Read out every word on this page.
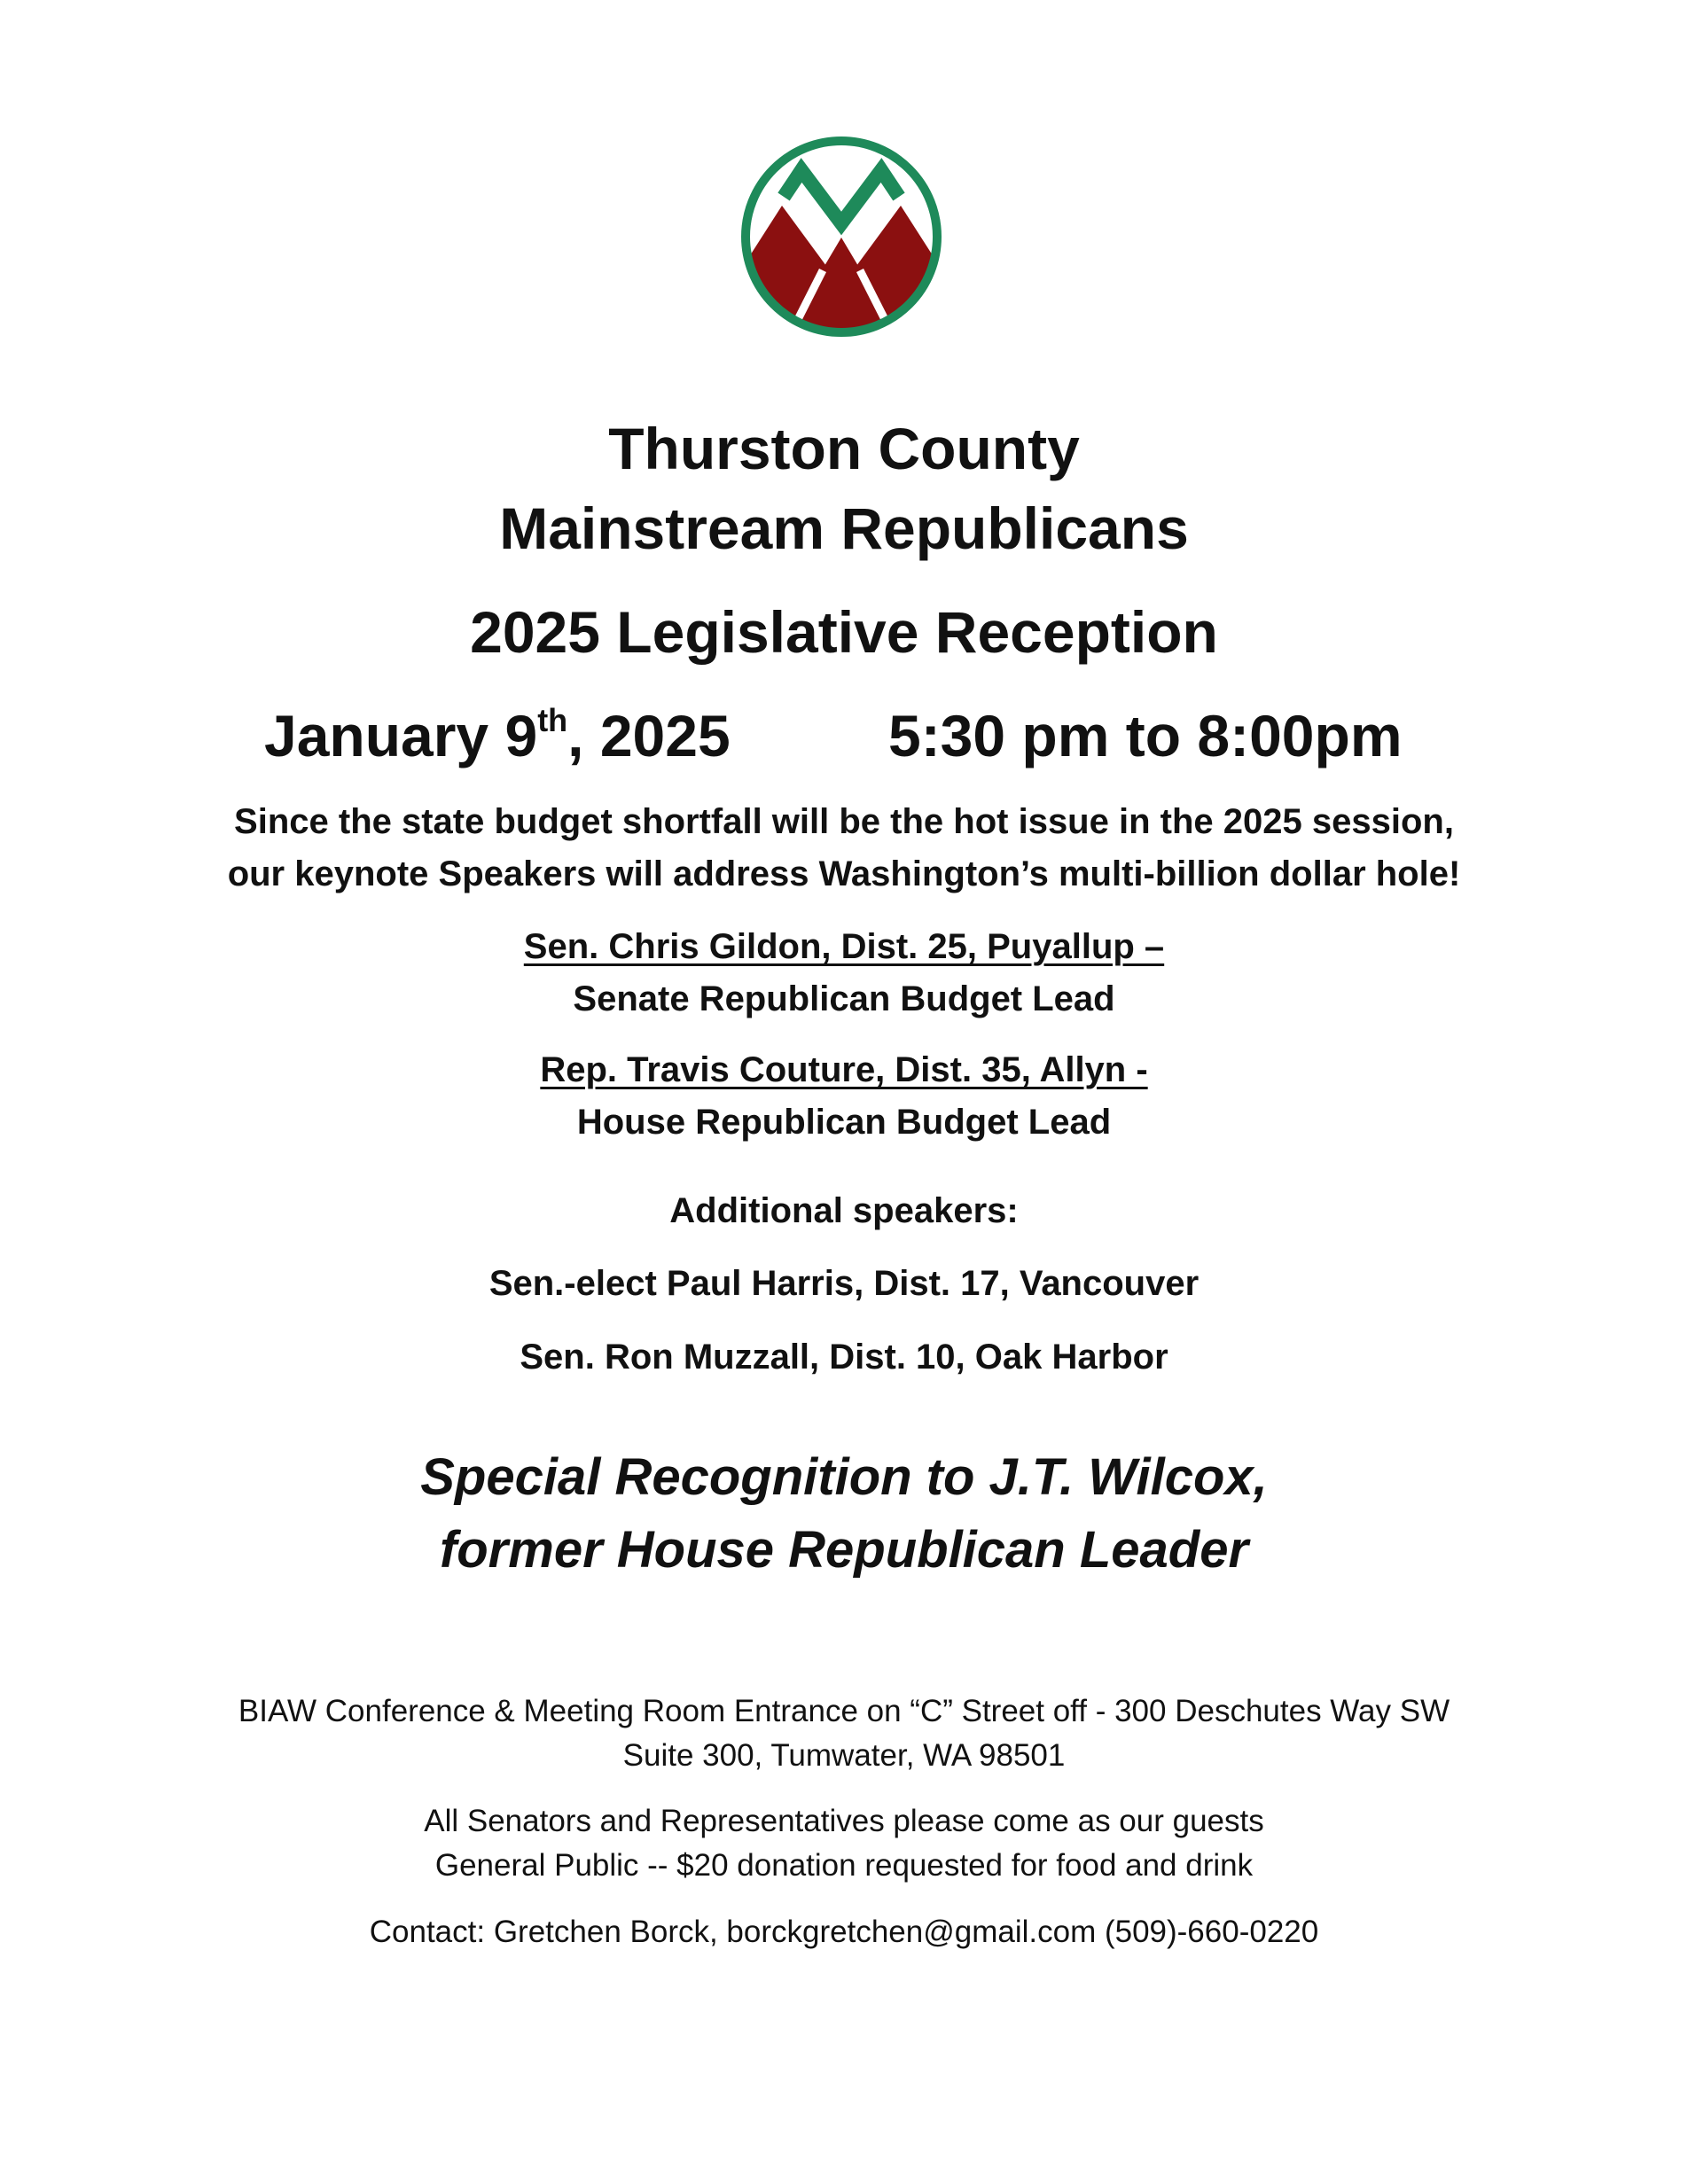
Thurston County
Mainstream Republicans
2025 Legislative Reception
January 9th, 2025	5:30 pm to 8:00pm
Since the state budget shortfall will be the hot issue in the 2025 session,
our keynote Speakers will address Washington’s multi-billion dollar hole!
Sen. Chris Gildon, Dist. 25, Puyallup –
Senate Republican Budget Lead
Rep. Travis Couture, Dist. 35, Allyn -
House Republican Budget Lead
Additional speakers:
Sen.-elect Paul Harris, Dist. 17, Vancouver
Sen. Ron Muzzall, Dist. 10, Oak Harbor
Special Recognition to J.T. Wilcox,
former House Republican Leader
BIAW Conference & Meeting Room Entrance on “C” Street off - 300 Deschutes Way SW
Suite 300, Tumwater, WA 98501
All Senators and Representatives please come as our guests
General Public -- $20 donation requested for food and drink
Contact: Gretchen Borck, borckgretchen@gmail.com (509)-660-0220
